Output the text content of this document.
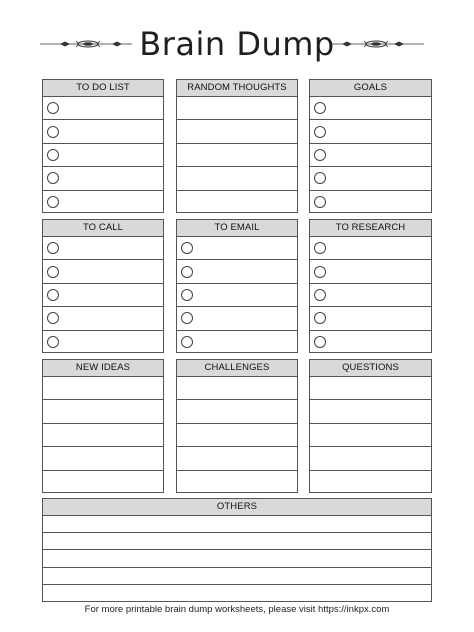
Brain Dump
TO DO LIST	RANDOM THOUGHTS	GOALS
TO CALL	TO EMAIL	TO RESEARCH
NEW IDEAS	CHALLENGES	QUESTIONS
OTHERS
For more printable brain dump worksheets, please visit https://inkpx.com
